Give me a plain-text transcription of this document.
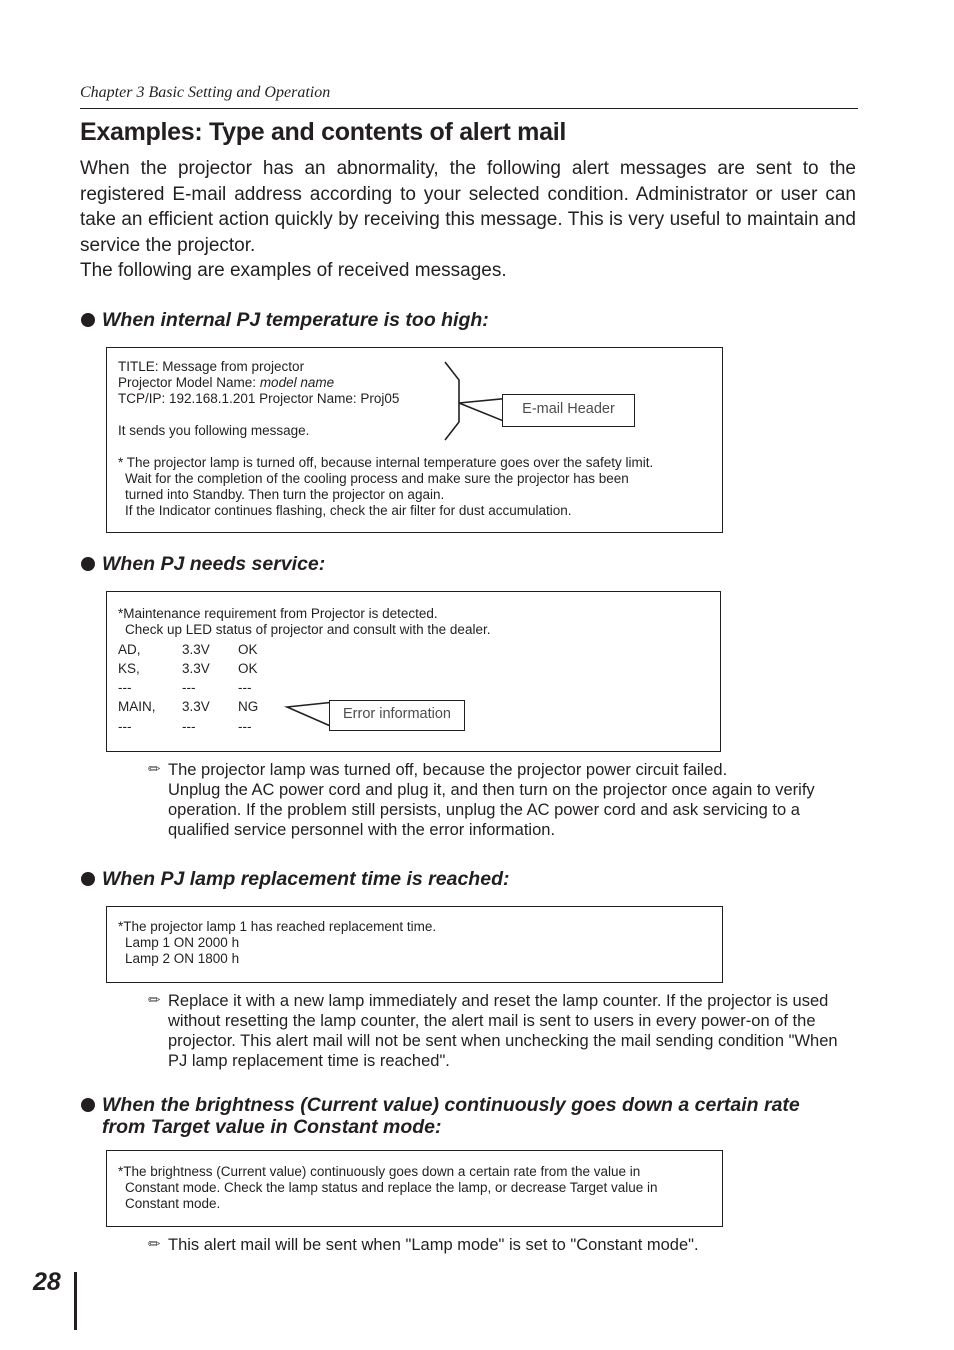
Chapter 3 Basic Setting and Operation
Examples: Type and contents of alert mail

When the projector has an abnormality, the following alert messages are sent to the registered E-mail address according to your selected condition. Administrator or user can take an efficient action quickly by receiving this message. This is very useful to maintain and service the projector.

The following are examples of received messages.

When internal PJ temperature is too high:
TITLE: Message from projector
Projector Model Name: model name
TCP/IP: 192.168.1.201 Projector Name: Proj05
It sends you following message.
* The projector lamp is turned off, because internal temperature goes over the safety limit.
Wait for the completion of the cooling process and make sure the projector has been
turned into Standby. Then turn the projector on again.
If the Indicator continues flashing, check the air filter for dust accumulation.
E-mail Header
When PJ needs service:
*Maintenance requirement from Projector is detected.
Check up LED status of projector and consult with the dealer.
AD,	3.3V OK
KS,	3.3V OK
---	---	---
MAIN, 3.3V NG
---	---	---
Error information
✏ The projector lamp was turned off, because the projector power circuit failed.
Unplug the AC power cord and plug it, and then turn on the projector once again to verify operation. If the problem still persists, unplug the AC power cord and ask servicing to a qualified service personnel with the error information.
When PJ lamp replacement time is reached:
*The projector lamp 1 has reached replacement time.
Lamp 1 ON 2000 h
Lamp 2 ON 1800 h
✏ Replace it with a new lamp immediately and reset the lamp counter. If the projector is used without resetting the lamp counter, the alert mail is sent to users in every power-on of the projector. This alert mail will not be sent when unchecking the mail sending condition "When PJ lamp replacement time is reached".
When the brightness (Current value) continuously goes down a certain rate from Target value in Constant mode:
*The brightness (Current value) continuously goes down a certain rate from the value in
Constant mode. Check the lamp status and replace the lamp, or decrease Target value in
Constant mode.
✏ This alert mail will be sent when "Lamp mode" is set to "Constant mode".
28
